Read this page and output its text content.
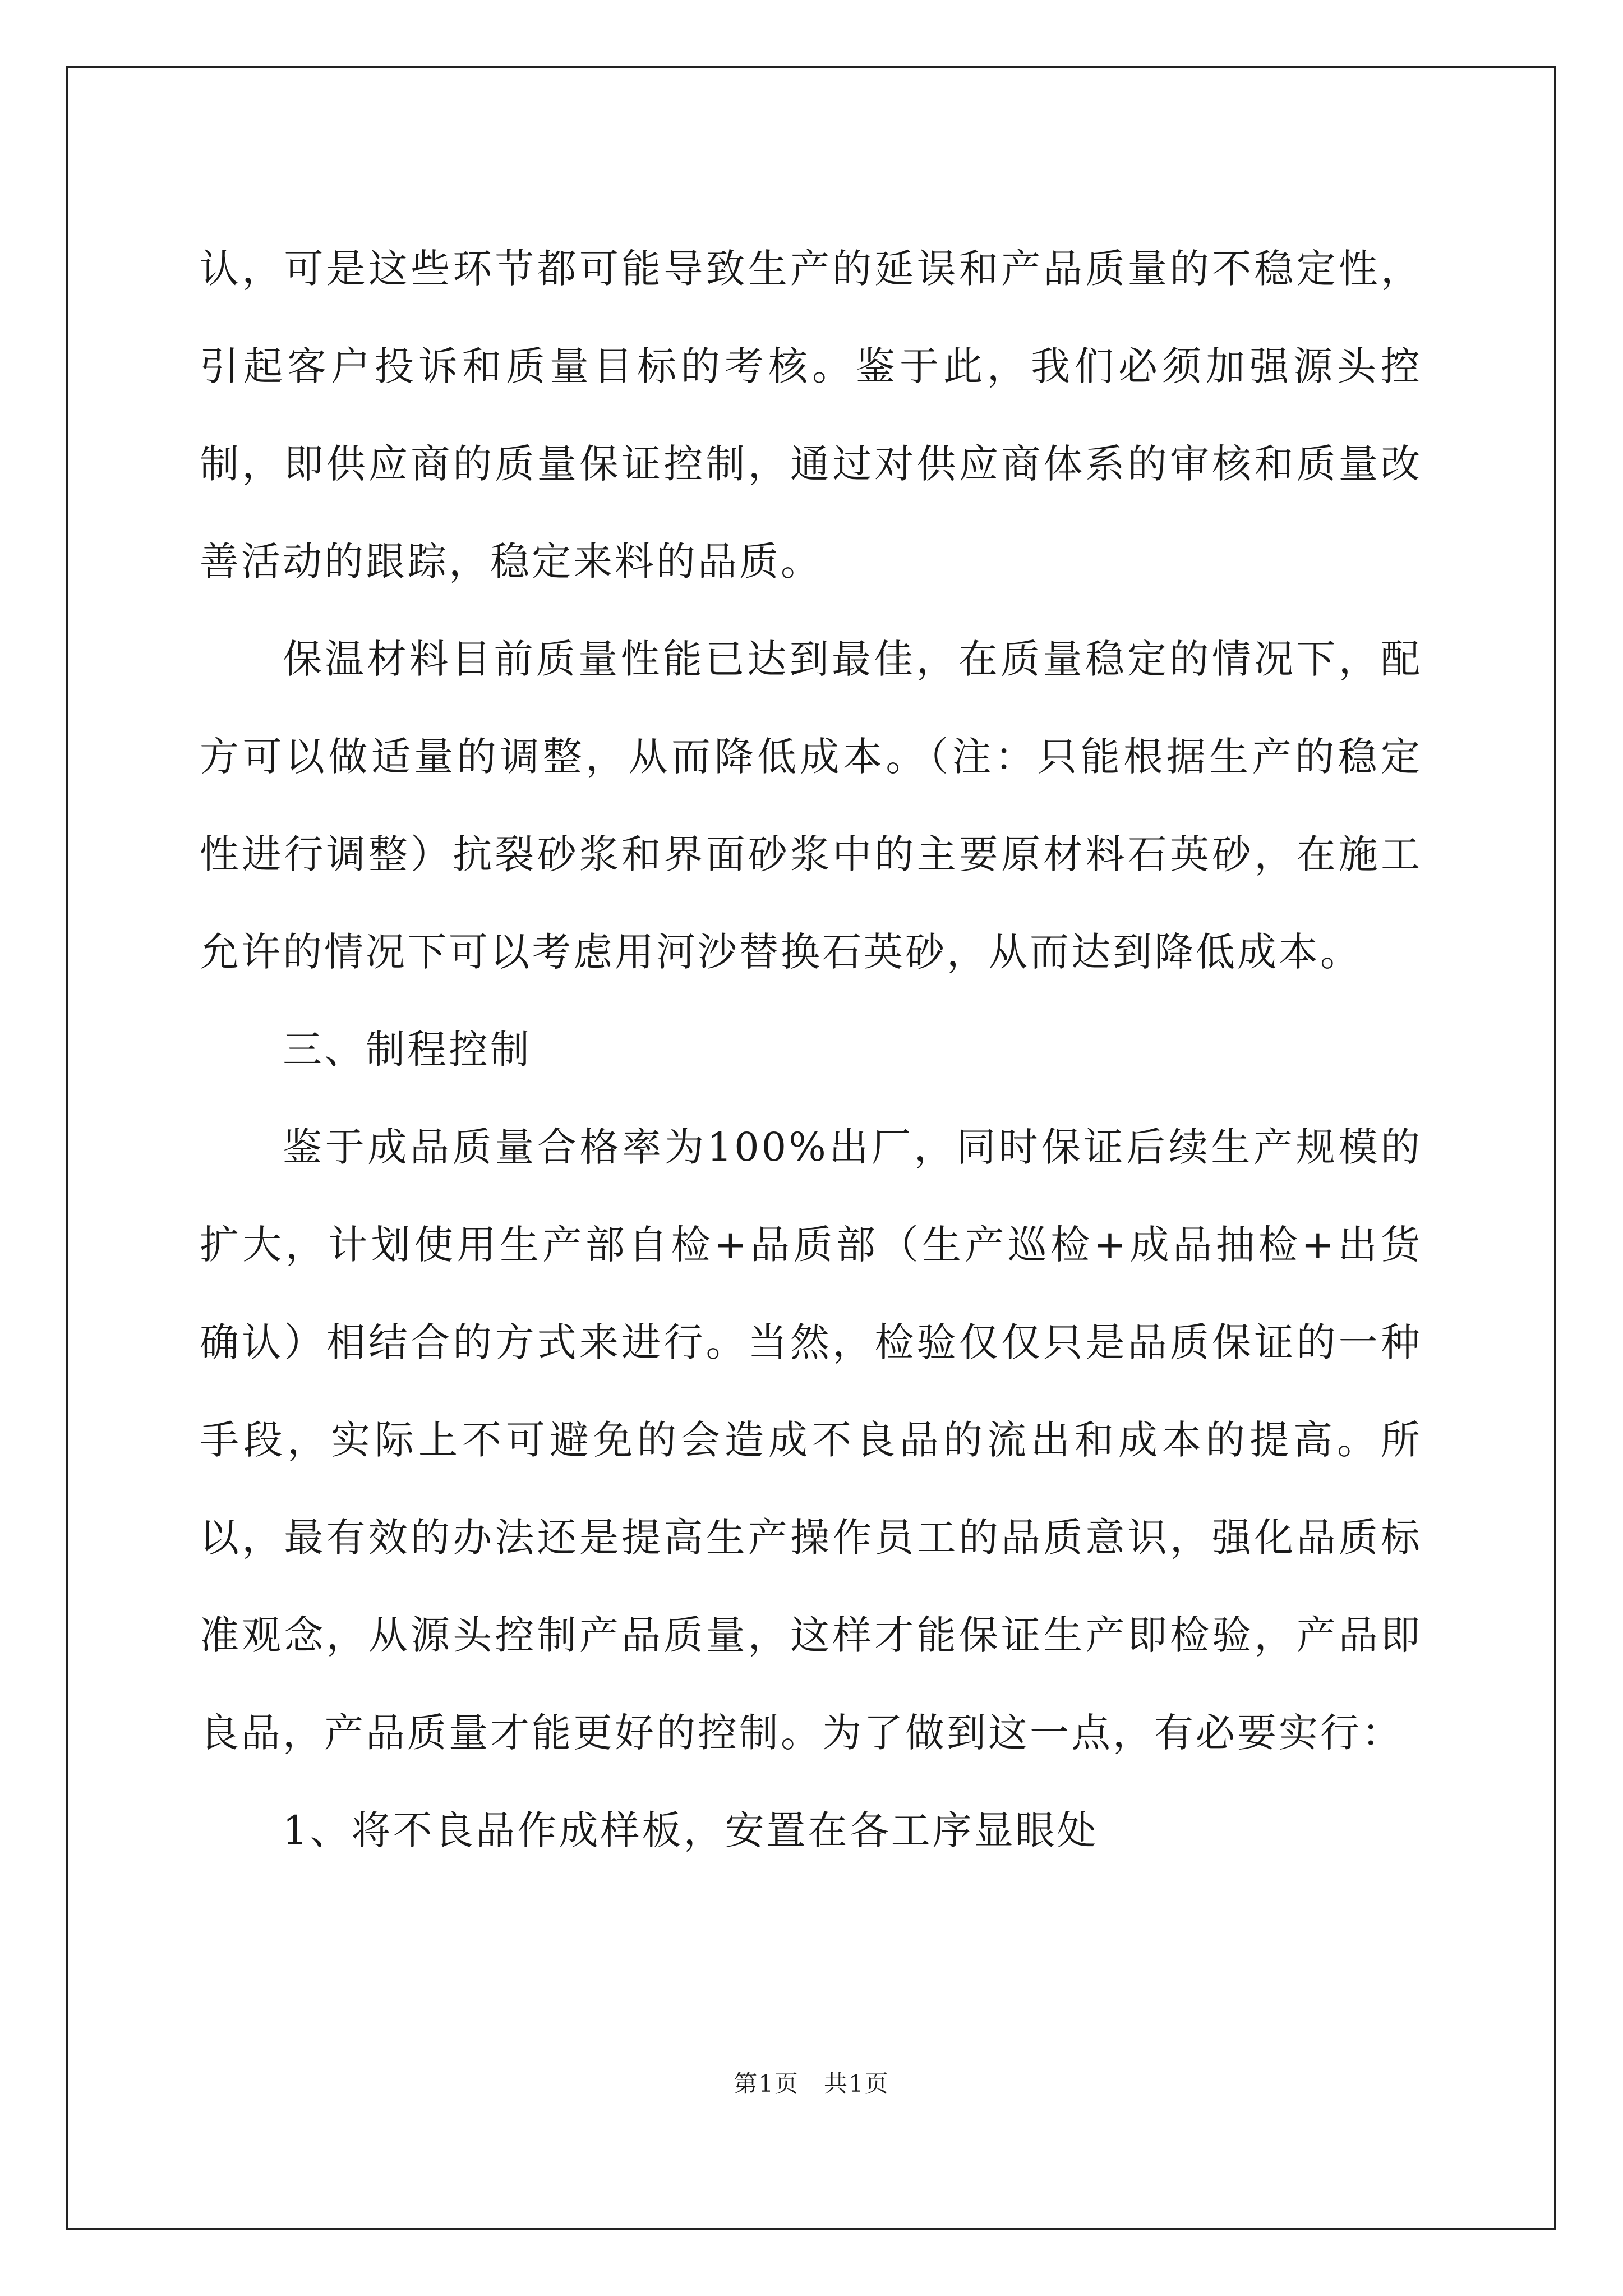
认，可是这些环节都可能导致生产的延误和产品质量的不稳定性，引起客户投诉和质量目标的考核。鉴于此，我们必须加强源头控制，即供应商的质量保证控制，通过对供应商体系的审核和质量改善活动的跟踪，稳定来料的品质。

保温材料目前质量性能已达到最佳，在质量稳定的情况下，配方可以做适量的调整，从而降低成本。（注：只能根据生产的稳定性进行调整）抗裂砂浆和界面砂浆中的主要原材料石英砂，在施工允许的情况下可以考虑用河沙替换石英砂，从而达到降低成本。

三、制程控制

鉴于成品质量合格率为100%出厂，同时保证后续生产规模的扩大，计划使用生产部自检+品质部（生产巡检+成品抽检+出货确认）相结合的方式来进行。当然，检验仅仅只是品质保证的一种手段，实际上不可避免的会造成不良品的流出和成本的提高。所以，最有效的办法还是提高生产操作员工的品质意识，强化品质标准观念，从源头控制产品质量，这样才能保证生产即检验，产品即良品，产品质量才能更好的控制。为了做到这一点，有必要实行：

1、将不良品作成样板，安置在各工序显眼处

第1页　共1页
